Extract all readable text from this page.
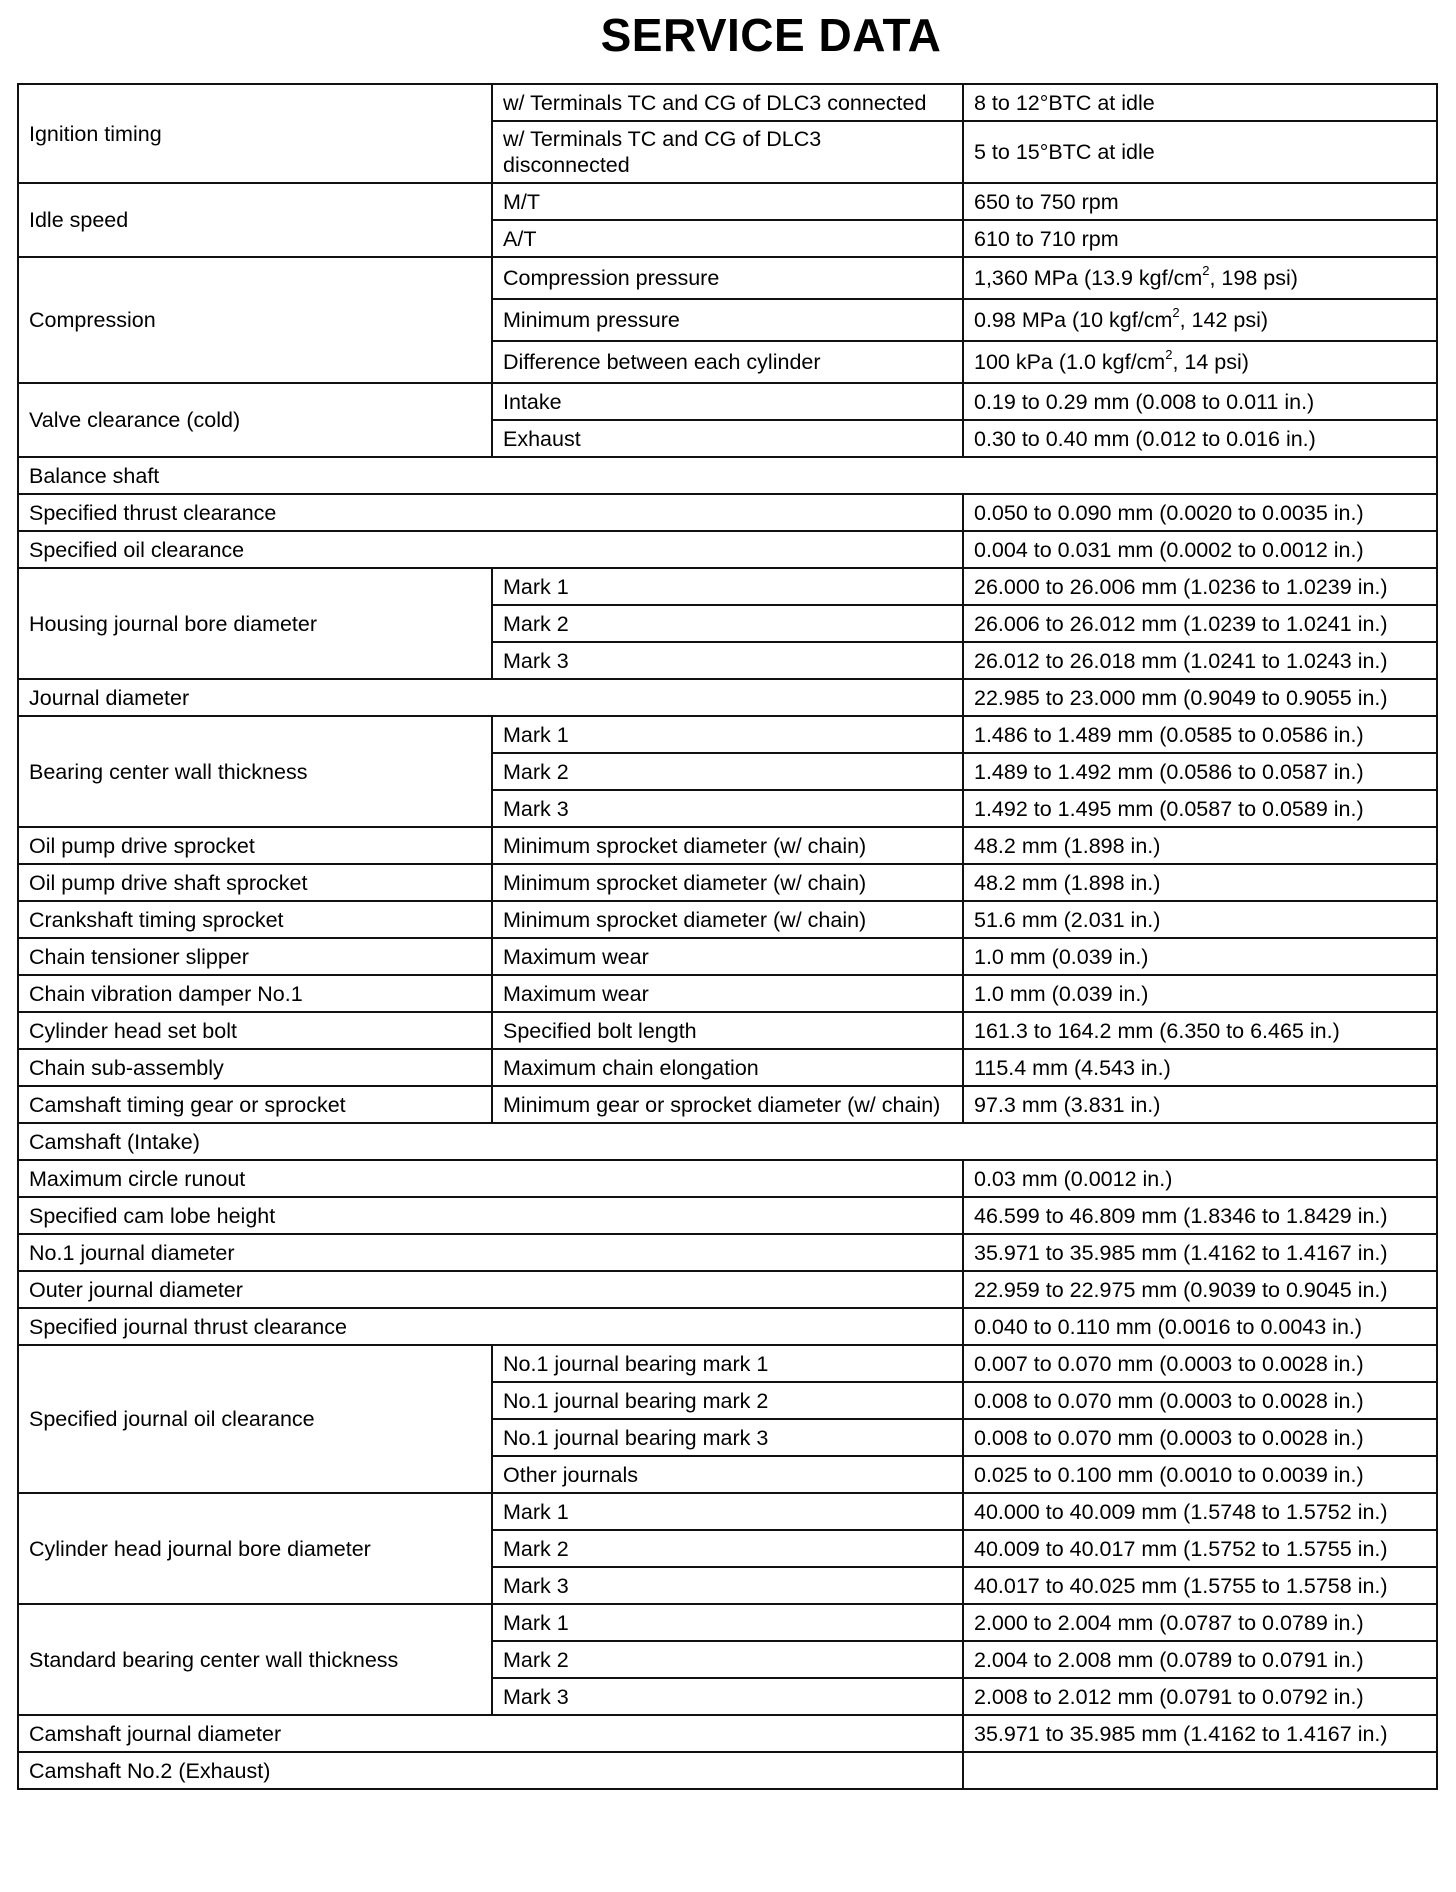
SERVICE DATA
Ignition timing	w/ Terminals TC and CG of DLC3 connected	8 to 12°BTC at idle
	w/ Terminals TC and CG of DLC3 disconnected	5 to 15°BTC at idle
Idle speed	M/T	650 to 750 rpm
	A/T	610 to 710 rpm
Compression	Compression pressure	1,360 MPa (13.9 kgf/$cm^2$, 198 psi)
	Minimum pressure	0.98 MPa (10 kgf/$cm^2$, 142 psi)
	Difference between each cylinder	100 kPa (1.0 kgf/$cm^2$, 14 psi)
Valve clearance (cold)	Intake	0.19 to 0.29 mm (0.008 to 0.011 in.)
	Exhaust	0.30 to 0.40 mm (0.012 to 0.016 in.)
Balance shaft		
Specified thrust clearance		0.050 to 0.090 mm (0.0020 to 0.0035 in.)
Specified oil clearance		0.004 to 0.031 mm (0.0002 to 0.0012 in.)
Housing journal bore diameter	Mark 1	26.000 to 26.006 mm (1.0236 to 1.0239 in.)
	Mark 2	26.006 to 26.012 mm (1.0239 to 1.0241 in.)
	Mark 3	26.012 to 26.018 mm (1.0241 to 1.0243 in.)
Journal diameter		22.985 to 23.000 mm (0.9049 to 0.9055 in.)
Bearing center wall thickness	Mark 1	1.486 to 1.489 mm (0.0585 to 0.0586 in.)
	Mark 2	1.489 to 1.492 mm (0.0586 to 0.0587 in.)
	Mark 3	1.492 to 1.495 mm (0.0587 to 0.0589 in.)
Oil pump drive sprocket	Minimum sprocket diameter (w/ chain)	48.2 mm (1.898 in.)
Oil pump drive shaft sprocket	Minimum sprocket diameter (w/ chain)	48.2 mm (1.898 in.)
Crankshaft timing sprocket	Minimum sprocket diameter (w/ chain)	51.6 mm (2.031 in.)
Chain tensioner slipper	Maximum wear	1.0 mm (0.039 in.)
Chain vibration damper No.1	Maximum wear	1.0 mm (0.039 in.)
Cylinder head set bolt	Specified bolt length	161.3 to 164.2 mm (6.350 to 6.465 in.)
Chain sub-assembly	Maximum chain elongation	115.4 mm (4.543 in.)
Camshaft timing gear or sprocket	Minimum gear or sprocket diameter (w/ chain)	97.3 mm (3.831 in.)
Camshaft (Intake)		
Maximum circle runout		0.03 mm (0.0012 in.)
Specified cam lobe height		46.599 to 46.809 mm (1.8346 to 1.8429 in.)
No.1 journal diameter		35.971 to 35.985 mm (1.4162 to 1.4167 in.)
Outer journal diameter		22.959 to 22.975 mm (0.9039 to 0.9045 in.)
Specified journal thrust clearance		0.040 to 0.110 mm (0.0016 to 0.0043 in.)
Specified journal oil clearance	No.1 journal bearing mark 1	0.007 to 0.070 mm (0.0003 to 0.0028 in.)
	No.1 journal bearing mark 2	0.008 to 0.070 mm (0.0003 to 0.0028 in.)
	No.1 journal bearing mark 3	0.008 to 0.070 mm (0.0003 to 0.0028 in.)
	Other journals	0.025 to 0.100 mm (0.0010 to 0.0039 in.)
Cylinder head journal bore diameter	Mark 1	40.000 to 40.009 mm (1.5748 to 1.5752 in.)
	Mark 2	40.009 to 40.017 mm (1.5752 to 1.5755 in.)
	Mark 3	40.017 to 40.025 mm (1.5755 to 1.5758 in.)
Standard bearing center wall thickness	Mark 1	2.000 to 2.004 mm (0.0787 to 0.0789 in.)
	Mark 2	2.004 to 2.008 mm (0.0789 to 0.0791 in.)
	Mark 3	2.008 to 2.012 mm (0.0791 to 0.0792 in.)
Camshaft journal diameter		35.971 to 35.985 mm (1.4162 to 1.4167 in.)
Camshaft No.2 (Exhaust)		
